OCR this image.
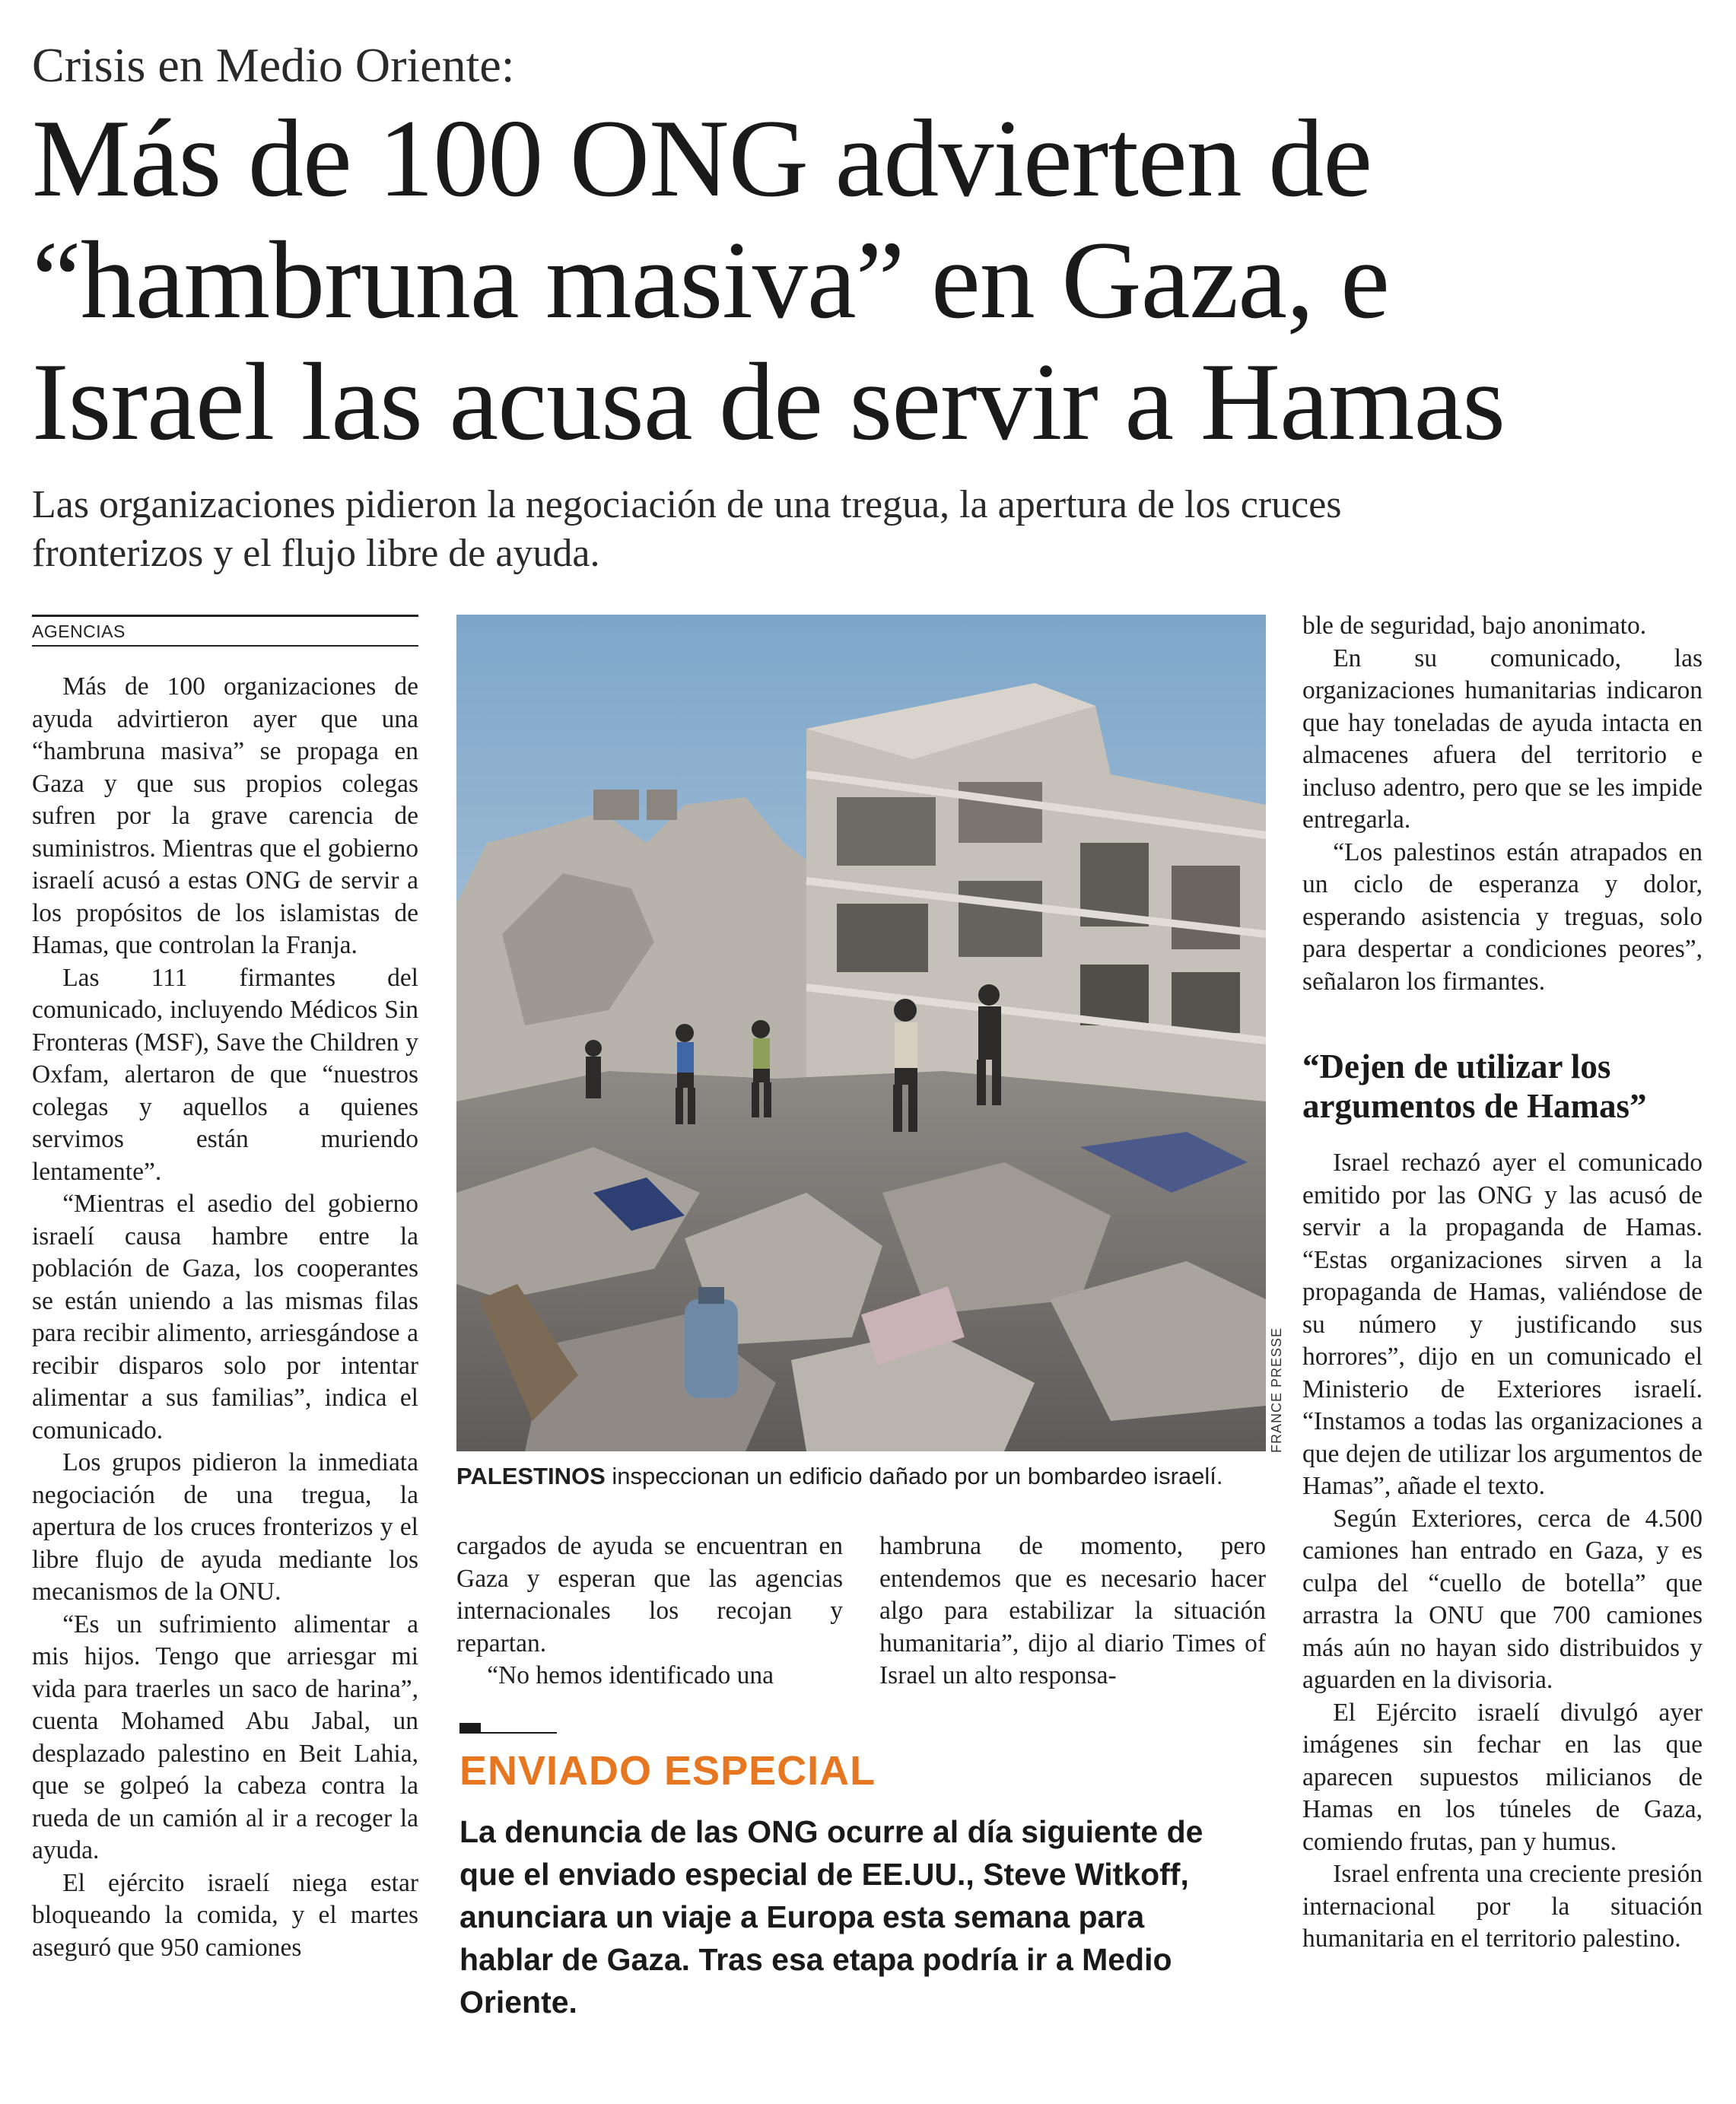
Crisis en Medio Oriente:
Más de 100 ONG advierten de
“hambruna masiva” en Gaza, e
Israel las acusa de servir a Hamas
Las organizaciones pidieron la negociación de una tregua, la apertura de los cruces
fronterizos y el flujo libre de ayuda.
AGENCIAS

Más de 100 organizaciones de ayuda advirtieron ayer que una “hambruna masiva” se propaga en Gaza y que sus propios colegas sufren por la grave carencia de suministros. Mientras que el gobierno israelí acusó a estas ONG de servir a los propósitos de los islamistas de Hamas, que controlan la Franja.

Las 111 firmantes del comunicado, incluyendo Médicos Sin Fronteras (MSF), Save the Children y Oxfam, alertaron de que “nuestros colegas y aquellos a quienes servimos están muriendo lentamente”.

“Mientras el asedio del gobierno israelí causa hambre entre la población de Gaza, los cooperantes se están uniendo a las mismas filas para recibir alimento, arriesgándose a recibir disparos solo por intentar alimentar a sus familias”, indica el comunicado.

Los grupos pidieron la inmediata negociación de una tregua, la apertura de los cruces fronterizos y el libre flujo de ayuda mediante los mecanismos de la ONU.

“Es un sufrimiento alimentar a mis hijos. Tengo que arriesgar mi vida para traerles un saco de harina”, cuenta Mohamed Abu Jabal, un desplazado palestino en Beit Lahia, que se golpeó la cabeza contra la rueda de un camión al ir a recoger la ayuda.

El ejército israelí niega estar bloqueando la comida, y el martes aseguró que 950 camiones

FRANCE PRESSE
PALESTINOS inspeccionan un edificio dañado por un bombardeo israelí.

cargados de ayuda se encuentran en Gaza y esperan que las agencias internacionales los recojan y repartan.

“No hemos identificado una

hambruna de momento, pero entendemos que es necesario hacer algo para estabilizar la situación humanitaria”, dijo al diario Times of Israel un alto responsa-

ENVIADO ESPECIAL
La denuncia de las ONG ocurre al día siguiente de
que el enviado especial de EE.UU., Steve Witkoff,
anunciara un viaje a Europa esta semana para
hablar de Gaza. Tras esa etapa podría ir a Medio
Oriente.

ble de seguridad, bajo anonimato.

En su comunicado, las organizaciones humanitarias indicaron que hay toneladas de ayuda intacta en almacenes afuera del territorio e incluso adentro, pero que se les impide entregarla.

“Los palestinos están atrapados en un ciclo de esperanza y dolor, esperando asistencia y treguas, solo para despertar a condiciones peores”, señalaron los firmantes.

“Dejen de utilizar los
argumentos de Hamas”

Israel rechazó ayer el comunicado emitido por las ONG y las acusó de servir a la propaganda de Hamas. “Estas organizaciones sirven a la propaganda de Hamas, valiéndose de su número y justificando sus horrores”, dijo en un comunicado el Ministerio de Exteriores israelí. “Instamos a todas las organizaciones a que dejen de utilizar los argumentos de Hamas”, añade el texto.

Según Exteriores, cerca de 4.500 camiones han entrado en Gaza, y es culpa del “cuello de botella” que arrastra la ONU que 700 camiones más aún no hayan sido distribuidos y aguarden en la divisoria.

El Ejército israelí divulgó ayer imágenes sin fechar en las que aparecen supuestos milicianos de Hamas en los túneles de Gaza, comiendo frutas, pan y humus.

Israel enfrenta una creciente presión internacional por la situación humanitaria en el territorio palestino.
